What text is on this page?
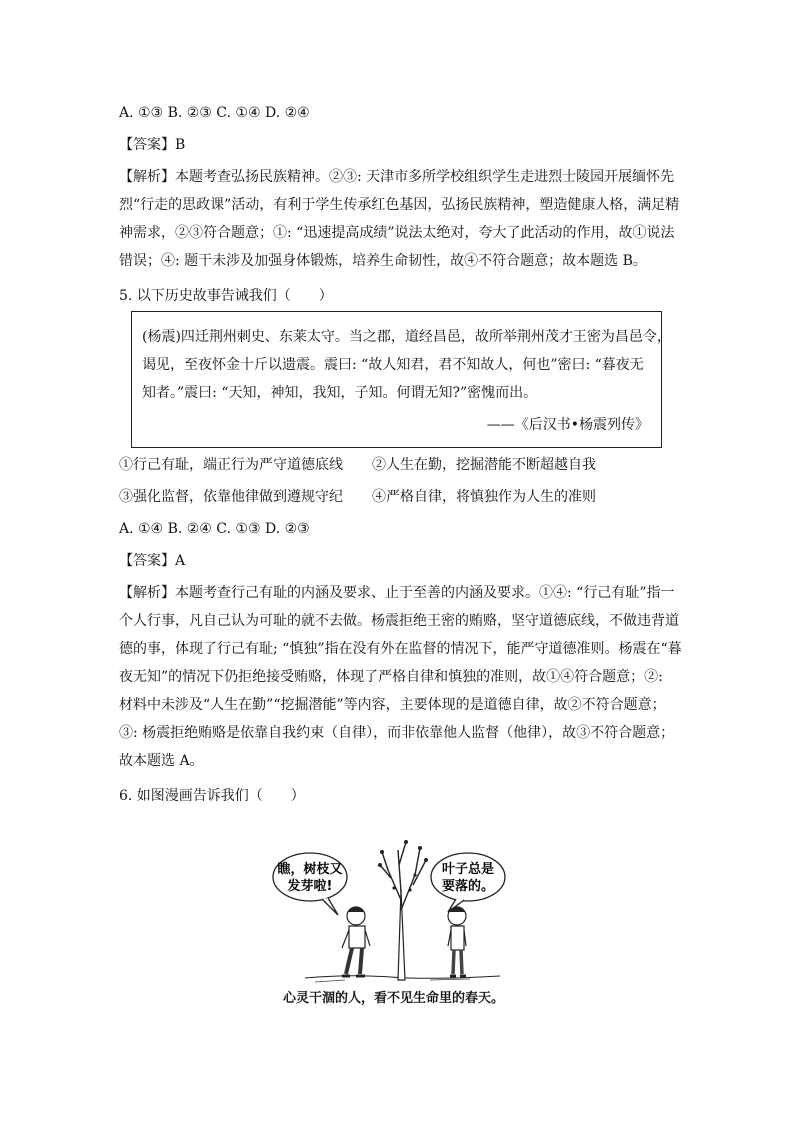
A. ①③ B. ②③ C. ①④ D. ②④
【答案】B
【解析】本题考查弘扬民族精神。②③: 天津市多所学校组织学生走进烈士陵园开展缅怀先
烈“行走的思政课”活动，有利于学生传承红色基因，弘扬民族精神，塑造健康人格，满足精
神需求，②③符合题意；①: “迅速提高成绩”说法太绝对，夸大了此活动的作用，故①说法
错误；④: 题干未涉及加强身体锻炼，培养生命韧性，故④不符合题意；故本题选 B。
5. 以下历史故事告诫我们（　　）
(杨震)四迁荆州刺史、东莱太守。当之郡，道经昌邑，故所举荆州茂才王密为昌邑令，
谒见，至夜怀金十斤以遗震。震曰: “故人知君，君不知故人，何也”密曰: “暮夜无
知者。”震曰: “天知，神知，我知，子知。何谓无知?”密愧而出。
——《后汉书•杨震列传》
①行己有耻，端正行为严守道德底线 ②人生在勤，挖掘潜能不断超越自我
③强化监督，依靠他律做到遵规守纪 ④严格自律，将慎独作为人生的准则
A. ①④ B. ②④ C. ①③ D. ②③
【答案】A
【解析】本题考查行己有耻的内涵及要求、止于至善的内涵及要求。①④: “行己有耻”指一
个人行事，凡自己认为可耻的就不去做。杨震拒绝王密的贿赂，坚守道德底线，不做违背道
德的事，体现了行己有耻; “慎独”指在没有外在监督的情况下，能严守道德准则。杨震在“暮
夜无知”的情况下仍拒绝接受贿赂，体现了严格自律和慎独的准则，故①④符合题意；②:
材料中未涉及“人生在勤”“挖掘潜能”等内容，主要体现的是道德自律，故②不符合题意；
③: 杨震拒绝贿赂是依靠自我约束（自律），而非依靠他人监督（他律），故③不符合题意；
故本题选 A。
6. 如图漫画告诉我们（　　）
瞧，树枝又
发芽啦!
叶子总是
要落的。
心灵干涸的人，看不见生命里的春天。
